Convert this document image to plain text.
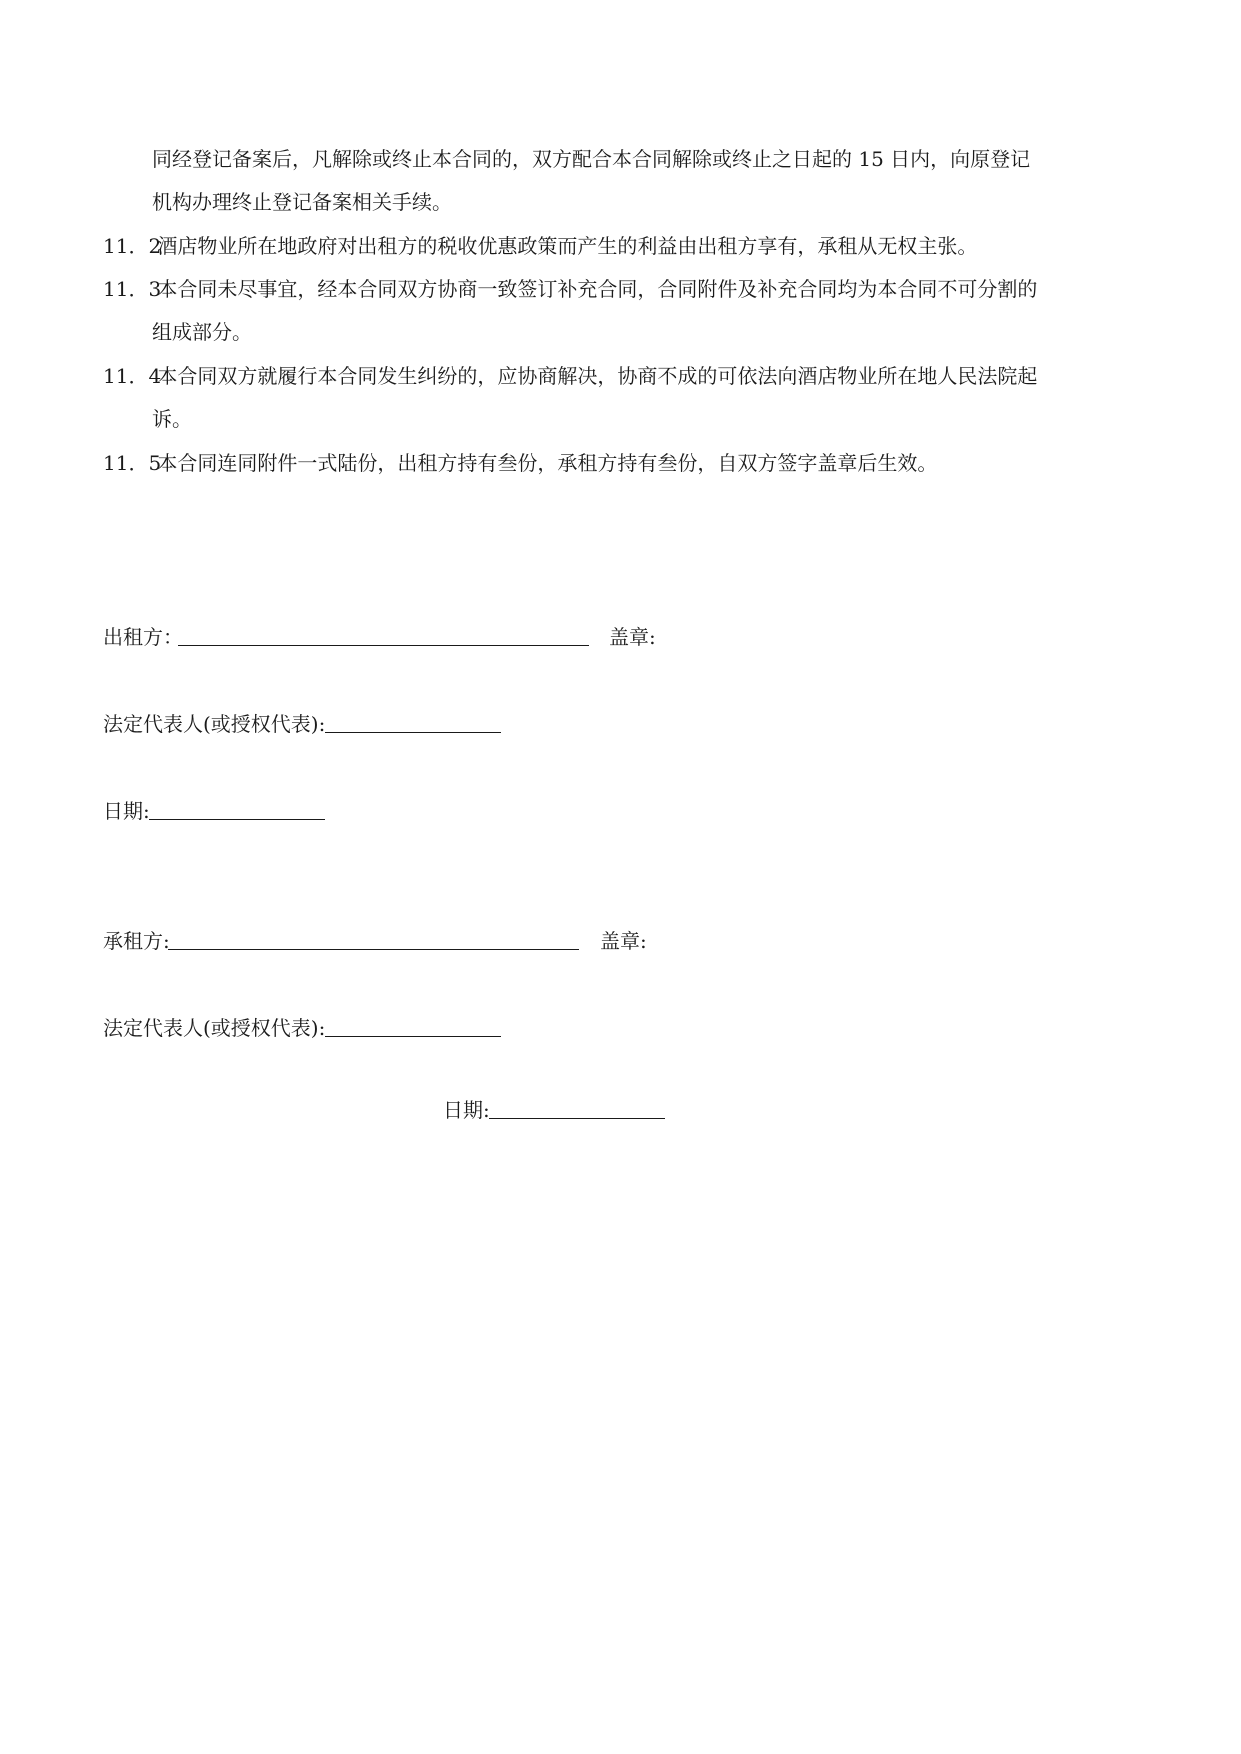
同经登记备案后，凡解除或终止本合同的，双方配合本合同解除或终止之日起的 15 日内，向原登记
机构办理终止登记备案相关手续。
11．2 酒店物业所在地政府对出租方的税收优惠政策而产生的利益由出租方享有，承租从无权主张。
11．3 本合同未尽事宜，经本合同双方协商一致签订补充合同，合同附件及补充合同均为本合同不可分割的
组成部分。
11．4 本合同双方就履行本合同发生纠纷的，应协商解决，协商不成的可依法向酒店物业所在地人民法院起
诉。
11．5 本合同连同附件一式陆份，出租方持有叁份，承租方持有叁份，自双方签字盖章后生效。
出租方：	盖章:
法定代表人(或授权代表):
日期:
承租方:	盖章:
法定代表人(或授权代表):
日期:
